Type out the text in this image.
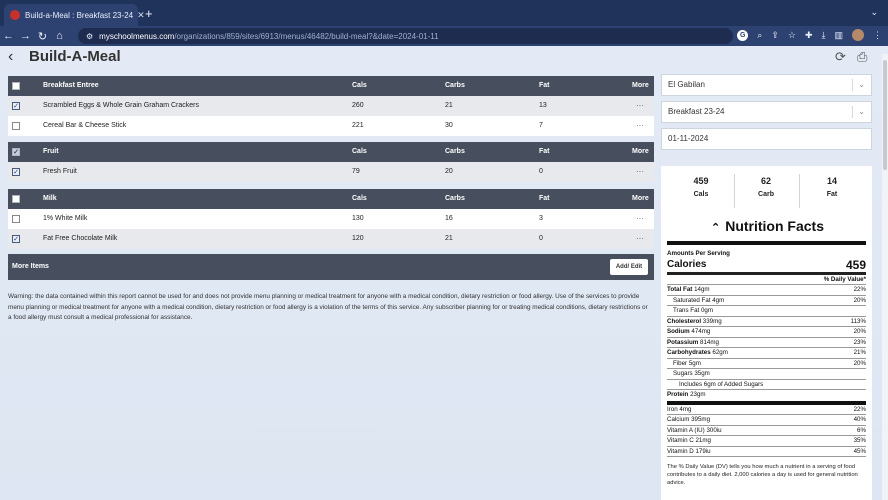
Build-a-Meal : Breakfast 23-24 ✕ +	⌄
← → ↻ ⌂	⚙ myschoolmenus.com /organizations/859/sites/6913/menus/46482/build-meal?&date=2024-01-11	G	⌕ ⇪ ☆ ✚ ⤓ ▥	⋮
‹ Build-A-Meal	⟳ ⎙
Breakfast Entree	Cals	Carbs	Fat	More
✓	Scrambled Eggs & Whole Grain Graham Crackers	260	21	13	···
Cereal Bar & Cheese Stick	221	30	7	···
✓	Fruit	Cals	Carbs	Fat	More
✓	Fresh Fruit	79	20	0	···
Milk	Cals	Carbs	Fat	More
1% White Milk	130	16	3	···
✓	Fat Free Chocolate Milk	120	21	0	···
More Items	Add/ Edit
Warning: the data contained within this report cannot be used for and does not provide menu planning or medical treatment for anyone with a medical condition, dietary restriction or food allergy. Use of the services to provide menu planning or medical treatment for anyone with a medical condition, dietary restriction or food allergy is a violation of the terms of this service. Any subscriber planning for or treating medical conditions, dietary restrictions or a food allergy must consult a medical professional for assistance.
El Gabilan	⌄
Breakfast 23-24	⌄
01-11-2024
459
Cals
62
Carb
14
Fat
⌃ Nutrition Facts
Amounts Per Serving
Calories	459
% Daily Value*
Total Fat 14gm	22%
Saturated Fat 4gm	20%
Trans Fat 0gm
Cholesterol 339mg	113%
Sodium 474mg	20%
Potassium 814mg	23%
Carbohydrates 62gm	21%
Fiber 5gm	20%
Sugars 35gm
Includes 6gm of Added Sugars
Protein 23gm
Iron 4mg	22%
Calcium 395mg	40%
Vitamin A (IU) 300iu	6%
Vitamin C 21mg	35%
Vitamin D 179iu	45%
The % Daily Value (DV) tells you how much a nutrient in a serving of food contributes to a daily diet. 2,000 calories a day is used for general nutrition advice.
